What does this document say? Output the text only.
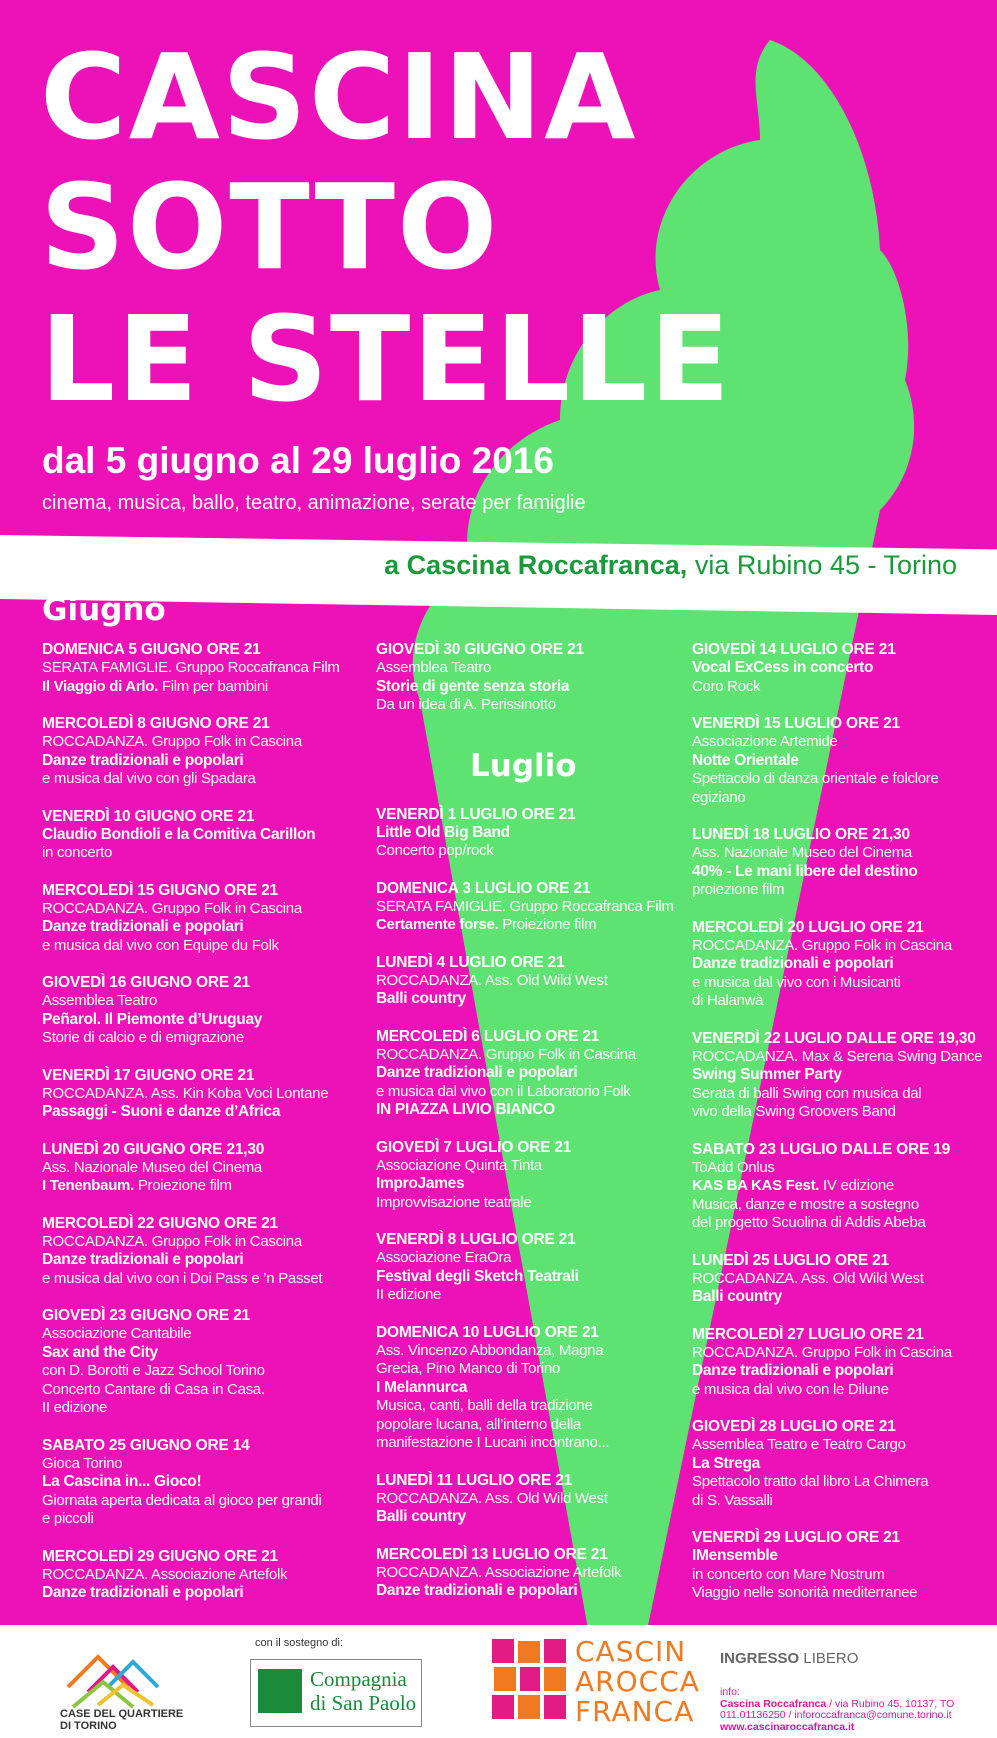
CASCINA
SOTTO
LE STELLE

dal 5 giugno al 29 luglio 2016

cinema, musica, ballo, teatro, animazione, serate per famiglie

a Cascina Roccafranca, via Rubino 45 - Torino

Giugno
Luglio
DOMENICA 5 GIUGNO ORE 21
SERATA FAMIGLIE. Gruppo Roccafranca Film
Il Viaggio di Arlo. Film per bambini
MERCOLEDÌ 8 GIUGNO ORE 21
ROCCADANZA. Gruppo Folk in Cascina
Danze tradizionali e popolari
e musica dal vivo con gli Spadara
VENERDÌ 10 GIUGNO ORE 21
Claudio Bondioli e la Comitiva Carillon
in concerto
MERCOLEDÌ 15 GIUGNO ORE 21
ROCCADANZA. Gruppo Folk in Cascina
Danze tradizionali e popolari
e musica dal vivo con Equipe du Folk
GIOVEDÌ 16 GIUGNO ORE 21
Assemblea Teatro
Peñarol. Il Piemonte d’Uruguay
Storie di calcio e di emigrazione
VENERDÌ 17 GIUGNO ORE 21
ROCCADANZA. Ass. Kin Koba Voci Lontane
Passaggi - Suoni e danze d’Africa
LUNEDÌ 20 GIUGNO ORE 21,30
Ass. Nazionale Museo del Cinema
I Tenenbaum. Proiezione film
MERCOLEDÌ 22 GIUGNO ORE 21
ROCCADANZA. Gruppo Folk in Cascina
Danze tradizionali e popolari
e musica dal vivo con i Doi Pass e ’n Passet
GIOVEDÌ 23 GIUGNO ORE 21
Associazione Cantabile
Sax and the City
con D. Borotti e Jazz School Torino
Concerto Cantare di Casa in Casa.
II edizione
SABATO 25 GIUGNO ORE 14
Gioca Torino
La Cascina in... Gioco!
Giornata aperta dedicata al gioco per grandi
e piccoli
MERCOLEDÌ 29 GIUGNO ORE 21
ROCCADANZA. Associazione Artefolk
Danze tradizionali e popolari
GIOVEDÌ 30 GIUGNO ORE 21
Assemblea Teatro
Storie di gente senza storia
Da un idea di A. Perissinotto
VENERDÌ 1 LUGLIO ORE 21
Little Old Big Band
Concerto pop/rock
DOMENICA 3 LUGLIO ORE 21
SERATA FAMIGLIE. Gruppo Roccafranca Film
Certamente forse. Proiezione film
LUNEDÌ 4 LUGLIO ORE 21
ROCCADANZA. Ass. Old Wild West
Balli country
MERCOLEDÌ 6 LUGLIO ORE 21
ROCCADANZA. Gruppo Folk in Cascina
Danze tradizionali e popolari
e musica dal vivo con il Laboratorio Folk
IN PIAZZA LIVIO BIANCO
GIOVEDÌ 7 LUGLIO ORE 21
Associazione Quinta Tinta
ImproJames
Improvvisazione teatrale
VENERDÌ 8 LUGLIO ORE 21
Associazione EraOra
Festival degli Sketch Teatrali
II edizione
DOMENICA 10 LUGLIO ORE 21
Ass. Vincenzo Abbondanza, Magna
Grecia, Pino Manco di Torino
I Melannurca
Musica, canti, balli della tradizione
popolare lucana, all’interno della
manifestazione I Lucani incontrano...
LUNEDÌ 11 LUGLIO ORE 21
ROCCADANZA. Ass. Old Wild West
Balli country
MERCOLEDÌ 13 LUGLIO ORE 21
ROCCADANZA. Associazione Artefolk
Danze tradizionali e popolari
GIOVEDÌ 14 LUGLIO ORE 21
Vocal ExCess in concerto
Coro Rock
VENERDÌ 15 LUGLIO ORE 21
Associazione Artemide
Notte Orientale
Spettacolo di danza orientale e folclore
egiziano
LUNEDÌ 18 LUGLIO ORE 21,30
Ass. Nazionale Museo del Cinema
40% - Le mani libere del destino
proiezione film
MERCOLEDÌ 20 LUGLIO ORE 21
ROCCADANZA. Gruppo Folk in Cascina
Danze tradizionali e popolari
e musica dal vivo con i Musicanti
di Halanwà
VENERDÌ 22 LUGLIO DALLE ORE 19,30
ROCCADANZA. Max & Serena Swing Dance
Swing Summer Party
Serata di balli Swing con musica dal
vivo della Swing Groovers Band
SABATO 23 LUGLIO DALLE ORE 19
ToAdd Onlus
KAS BA KAS Fest. IV edizione
Musica, danze e mostre a sostegno
del progetto Scuolina di Addis Abeba
LUNEDÌ 25 LUGLIO ORE 21
ROCCADANZA. Ass. Old Wild West
Balli country
MERCOLEDÌ 27 LUGLIO ORE 21
ROCCADANZA. Gruppo Folk in Cascina
Danze tradizionali e popolari
e musica dal vivo con le Dilune
GIOVEDÌ 28 LUGLIO ORE 21
Assemblea Teatro e Teatro Cargo
La Strega
Spettacolo tratto dal libro La Chimera
di S. Vassalli
VENERDÌ 29 LUGLIO ORE 21
IMensemble
in concerto con Mare Nostrum
Viaggio nelle sonorità mediterranee

CASE DEL QUARTIERE
DI TORINO

con il sostegno di:

Compagnia
di San Paolo

CASCIN
AROCCA
FRANCA

INGRESSO LIBERO

info:
Cascina Roccafranca / via Rubino 45, 10137, TO
011.01136250 / inforoccafranca@comune.torino.it
www.cascinaroccafranca.it
